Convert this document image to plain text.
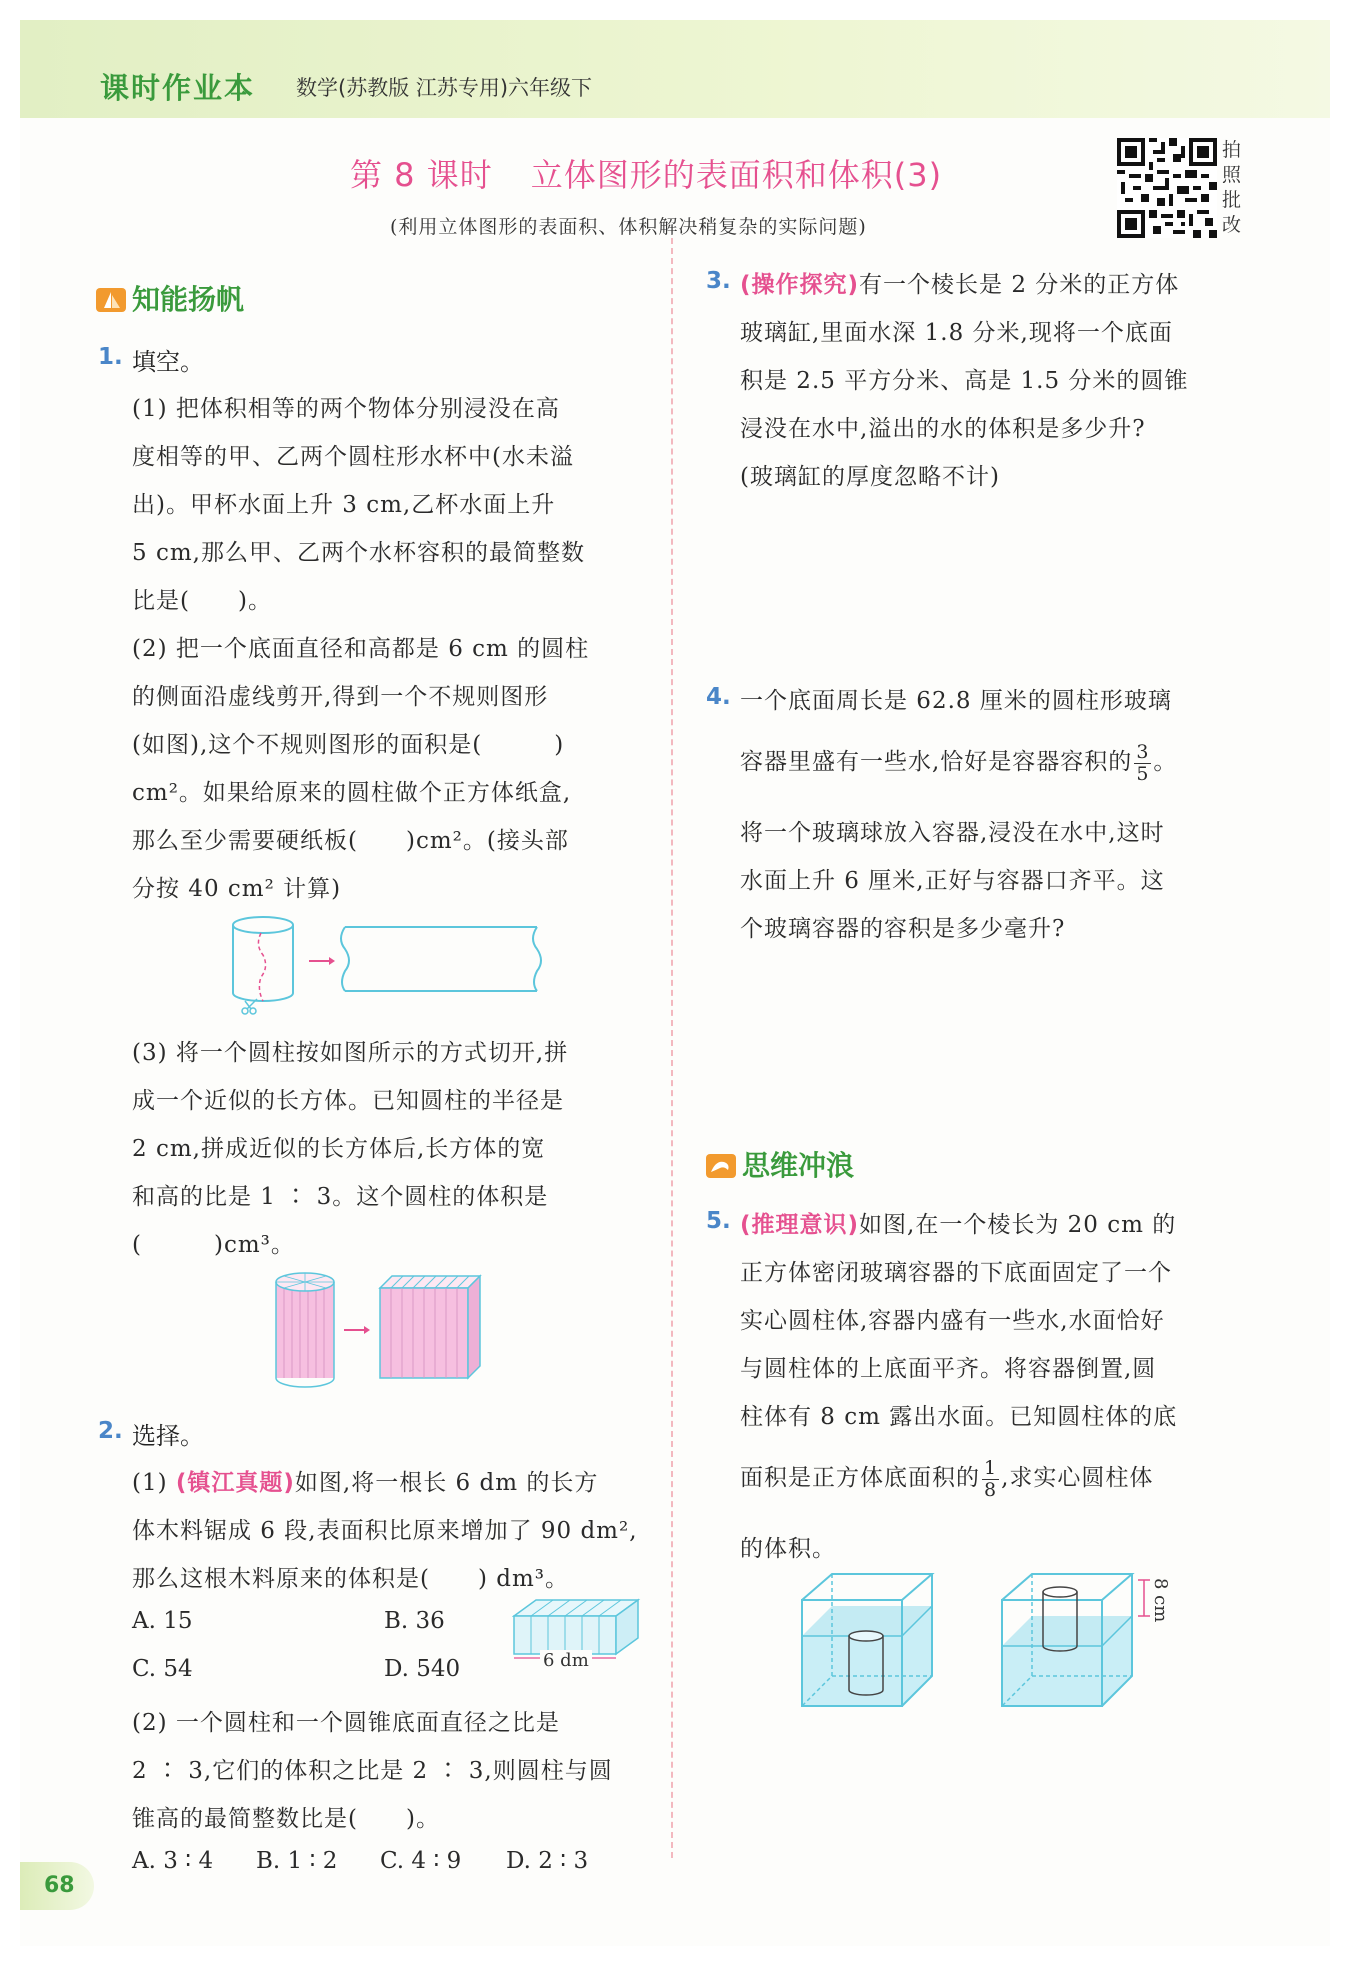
课时作业本 数学(苏教版 江苏专用)六年级下
第 8 课时 立体图形的表面积和体积(3)
(利用立体图形的表面积、体积解决稍复杂的实际问题)
拍照批改
知能扬帆
1. 填空。
(1) 把体积相等的两个物体分别浸没在高
度相等的甲、乙两个圆柱形水杯中(水未溢
出)。甲杯水面上升 3 cm,乙杯水面上升
5 cm,那么甲、乙两个水杯容积的最简整数
比是(　　)。
(2) 把一个底面直径和高都是 6 cm 的圆柱
的侧面沿虚线剪开,得到一个不规则图形
(如图),这个不规则图形的面积是(　　　)
cm²。如果给原来的圆柱做个正方体纸盒,
那么至少需要硬纸板(　　)cm²。(接头部
分按 40 cm² 计算)
(3) 将一个圆柱按如图所示的方式切开,拼
成一个近似的长方体。已知圆柱的半径是
2 cm,拼成近似的长方体后,长方体的宽
和高的比是 1 ∶ 3。这个圆柱的体积是
(　　　)cm³。
2. 选择。
(1) (镇江真题)如图,将一根长 6 dm 的长方
体木料锯成 6 段,表面积比原来增加了 90 dm²,
那么这根木料原来的体积是(　　) dm³。
A. 15	B. 36
C. 54	D. 540	6 dm
(2) 一个圆柱和一个圆锥底面直径之比是
2 ∶ 3,它们的体积之比是 2 ∶ 3,则圆柱与圆
锥高的最简整数比是(　　)。
A. 3 ∶ 4 B. 1 ∶ 2 C. 4 ∶ 9 D. 2 ∶ 3
3. (操作探究)有一个棱长是 2 分米的正方体
玻璃缸,里面水深 1.8 分米,现将一个底面
积是 2.5 平方分米、高是 1.5 分米的圆锥
浸没在水中,溢出的水的体积是多少升?
(玻璃缸的厚度忽略不计)
4. 一个底面周长是 62.8 厘米的圆柱形玻璃
容器里盛有一些水,恰好是容器容积的 $\frac{3}{5}$ 。
将一个玻璃球放入容器,浸没在水中,这时
水面上升 6 厘米,正好与容器口齐平。这
个玻璃容器的容积是多少毫升?
思维冲浪
5. (推理意识)如图,在一个棱长为 20 cm 的
正方体密闭玻璃容器的下底面固定了一个
实心圆柱体,容器内盛有一些水,水面恰好
与圆柱体的上底面平齐。将容器倒置,圆
柱体有 8 cm 露出水面。已知圆柱体的底
面积是正方体底面积的 $\frac{1}{8}$ ,求实心圆柱体
的体积。
8 cm
68
